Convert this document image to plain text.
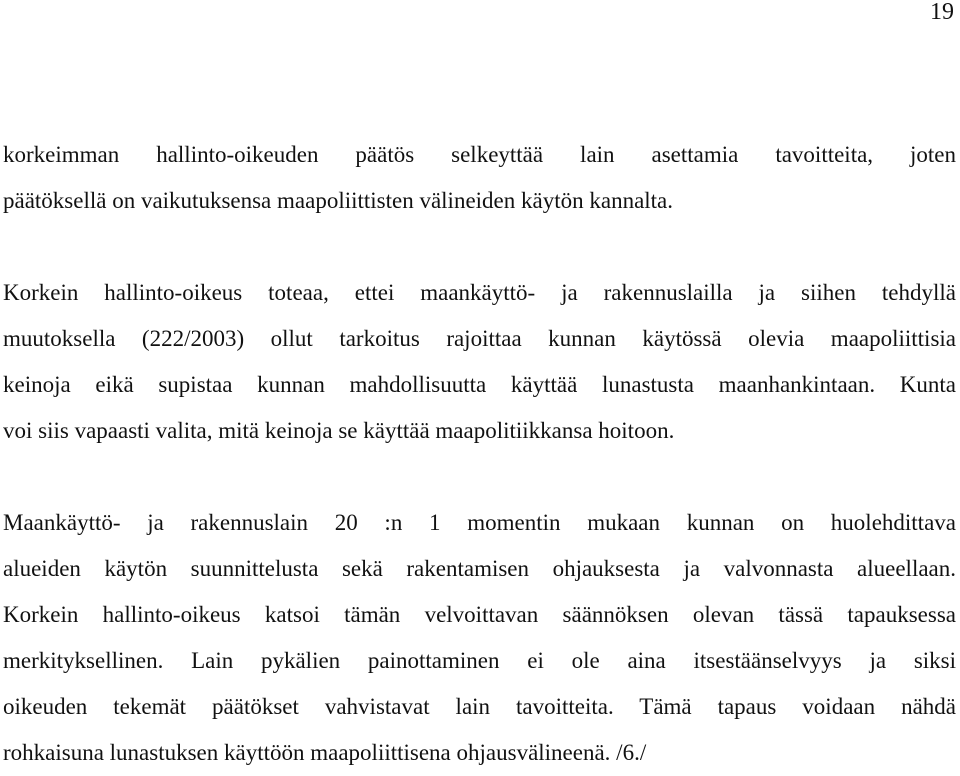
19
korkeimman hallinto-oikeuden päätös selkeyttää lain asettamia tavoitteita, joten
päätöksellä on vaikutuksensa maapoliittisten välineiden käytön kannalta.
Korkein hallinto-oikeus toteaa, ettei maankäyttö- ja rakennuslailla ja siihen tehdyllä
muutoksella (222/2003) ollut tarkoitus rajoittaa kunnan käytössä olevia maapoliittisia
keinoja eikä supistaa kunnan mahdollisuutta käyttää lunastusta maanhankintaan. Kunta
voi siis vapaasti valita, mitä keinoja se käyttää maapolitiikkansa hoitoon.
Maankäyttö- ja rakennuslain 20 :n 1 momentin mukaan kunnan on huolehdittava
alueiden käytön suunnittelusta sekä rakentamisen ohjauksesta ja valvonnasta alueellaan.
Korkein hallinto-oikeus katsoi tämän velvoittavan säännöksen olevan tässä tapauksessa
merkityksellinen. Lain pykälien painottaminen ei ole aina itsestäänselvyys ja siksi
oikeuden tekemät päätökset vahvistavat lain tavoitteita. Tämä tapaus voidaan nähdä
rohkaisuna lunastuksen käyttöön maapoliittisena ohjausvälineenä. /6./
